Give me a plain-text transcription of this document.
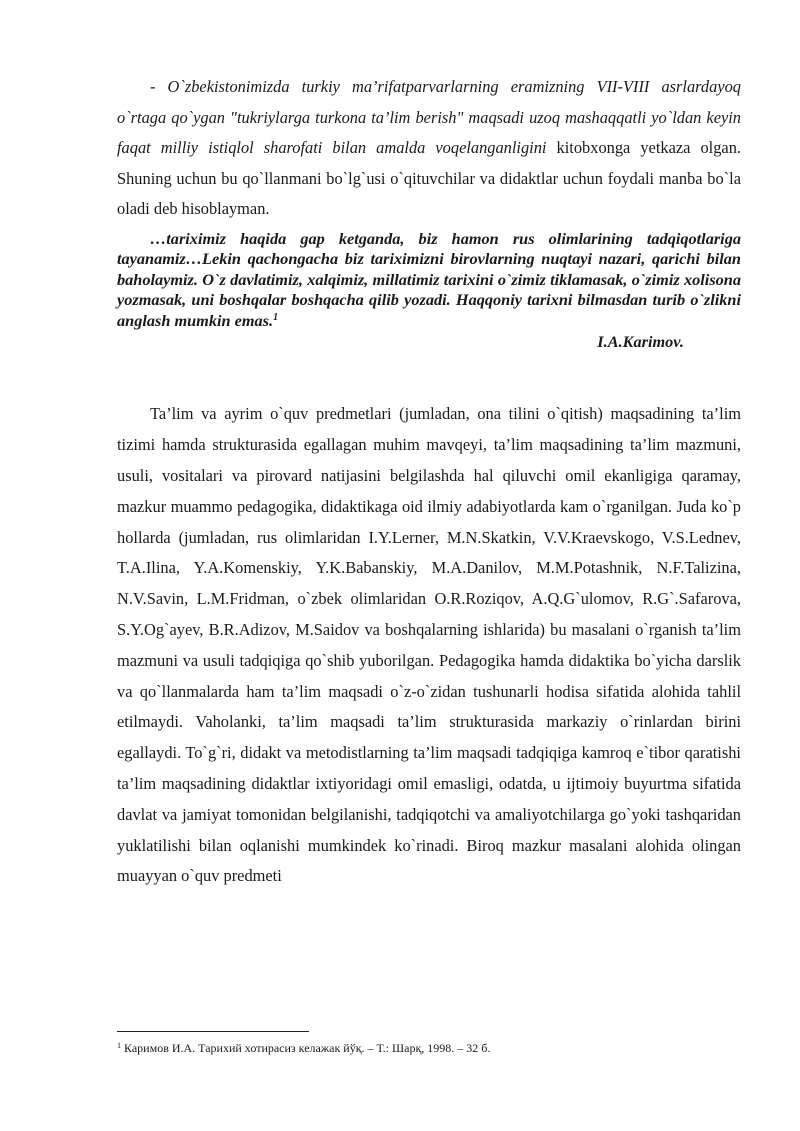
- O`zbekistonimizda turkiy ma’rifatparvarlarning eramizning VII-VIII asrlardayoq o`rtaga qo`ygan "tukriylarga turkona ta’lim berish" maqsadi uzoq mashaqqatli yo`ldan keyin faqat milliy istiqlol sharofati bilan amalda voqelanganligini kitobxonga yetkaza olgan. Shuning uchun bu qo`llanmani bo`lg`usi o`qituvchilar va didaktlar uchun foydali manba bo`la oladi deb hisoblayman.

…tariximiz haqida gap ketganda, biz hamon rus olimlarining tadqiqotlariga tayanamiz…Lekin qachongacha biz tariximizni birovlarning nuqtayi nazari, qarichi bilan baholaymiz. O`z davlatimiz, xalqimiz, millatimiz tarixini o`zimiz tiklamasak, o`zimiz xolisona yozmasak, uni boshqalar boshqacha qilib yozadi. Haqqoniy tarixni bilmasdan turib o`zlikni anglash mumkin emas.$^1$

I.A.Karimov.

Ta’lim va ayrim o`quv predmetlari (jumladan, ona tilini o`qitish) maqsadining ta’lim tizimi hamda strukturasida egallagan muhim mavqeyi, ta’lim maqsadining ta’lim mazmuni, usuli, vositalari va pirovard natijasini belgilashda hal qiluvchi omil ekanligiga qaramay, mazkur muammo pedagogika, didaktikaga oid ilmiy adabiyotlarda kam o`rganilgan. Juda ko`p hollarda (jumladan, rus olimlaridan I.Y.Lerner, M.N.Skatkin, V.V.Kraevskogo, V.S.Lednev, T.A.Ilina, Y.A.Komenskiy, Y.K.Babanskiy, M.A.Danilov, M.M.Potashnik, N.F.Talizina, N.V.Savin, L.M.Fridman, o`zbek olimlaridan O.R.Roziqov, A.Q.G`ulomov, R.G`.Safarova, S.Y.Og`ayev, B.R.Adizov, M.Saidov va boshqalarning ishlarida) bu masalani o`rganish ta’lim mazmuni va usuli tadqiqiga qo`shib yuborilgan. Pedagogika hamda didaktika bo`yicha darslik va qo`llanmalarda ham ta’lim maqsadi o`z-o`zidan tushunarli hodisa sifatida alohida tahlil etilmaydi. Vaholanki, ta’lim maqsadi ta’lim strukturasida markaziy o`rinlardan birini egallaydi. To`g`ri, didakt va metodistlarning ta’lim maqsadi tadqiqiga kamroq e`tibor qaratishi ta’lim maqsadining didaktlar ixtiyoridagi omil emasligi, odatda, u ijtimoiy buyurtma sifatida davlat va jamiyat tomonidan belgilanishi, tadqiqotchi va amaliyotchilarga go`yoki tashqaridan yuklatilishi bilan oqlanishi mumkindek ko`rinadi. Biroq mazkur masalani alohida olingan muayyan o`quv predmeti

$^1$ Каримов И.А. Тарихий хотирасиз келажак йўқ. – Т.: Шарқ, 1998. – 32 б.
